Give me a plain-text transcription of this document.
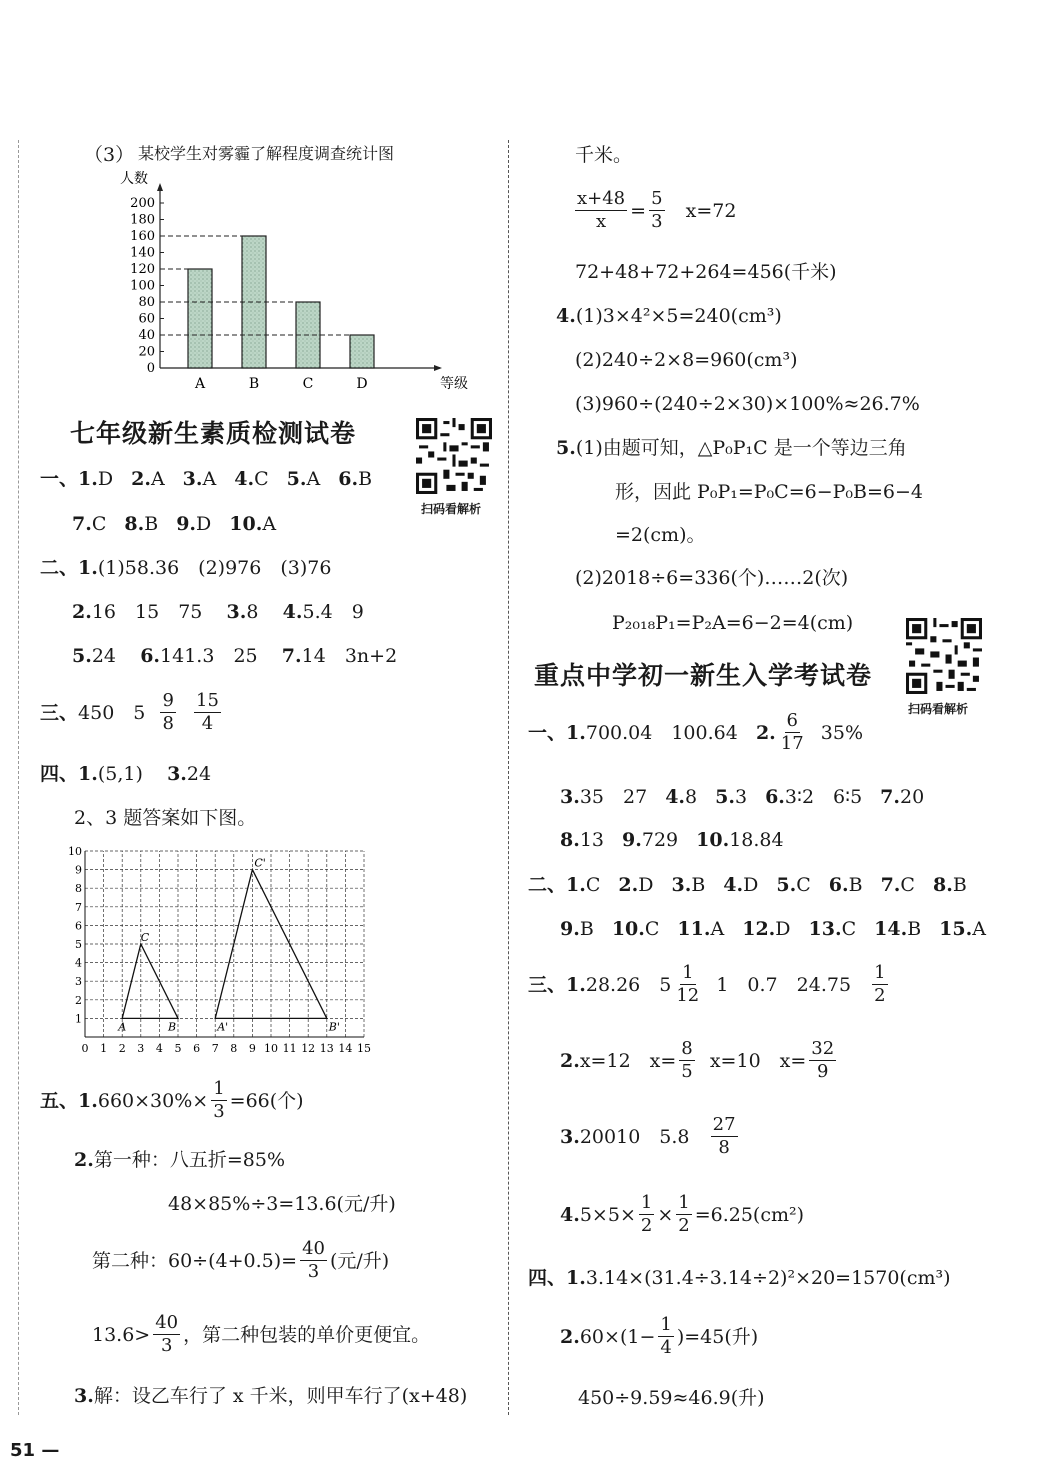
（3） 某校学生对雾霾了解程度调查统计图
人数
等级
0
20
40
60
80
100
120
140
160
180
200
A	B	C	D
七年级新生素质检测试卷
扫码看解析
一、1.D 2.A 3.A 4.C 5.A 6.B
7.C 8.B 9.D 10.A
二、1.(1)58.36　(2)976　(3)76
2.16　15　75 3.8 4.5.4　9
5.24 6.141.3　25 7.14　3n+2
三、 450　5
$\frac{9}{8}$
$\frac{15}{4}$
四、1.(5,1) 3.24
2、3 题答案如下图。
0 1 2 3 4 5 6 7 8 9 10 11 12 13 14 15
1
2
3
4
5
6
7
8
9
10
A	B
C
A'	B'
C'
五、 1. $660\times 30\%\times \frac{1}{3} =66$(个)
2.第一种：八五折=85%
48×85%÷3=13.6(元/升)
第二种：$60\div(4+0.5)= \frac{40}{3}$ (元/升)
$13.6> \frac{40}{3}$ ，第二种包装的单价更便宜。
3.解：设乙车行了 x 千米，则甲车行了(x+48)
千米。
$\frac{x+48}{x} = \frac{5}{3}$
x=72
72+48+72+264=456(千米)
4.(1)3×4²×5=240(cm³)
(2)240÷2×8=960(cm³)
(3)960÷(240÷2×30)×100%≈26.7%
5.(1)由题可知，△P₀P₁C 是一个等边三角
形，因此 P₀P₁=P₀C=6−P₀B=6−4
=2(cm)。
(2)2018÷6=336(个)……2(次)
P₂₀₁₈P₁=P₂A=6−2=4(cm)
重点中学初一新生入学考试卷
扫码看解析
一、 1. 700.04　100.64
2. $\frac{6}{17}$
35%
3.35　27 4.8 5.3 6.3∶2　6∶5 7.20
8.13 9.729 10.18.84
二、1.C 2.D 3.B 4.D 5.C 6.B 7.C 8.B
9.B 10.C 11.A 12.D 13.C 14.B 15.A
三、 1. 28.26　$5 \frac{1}{12}$
1　0.7　24.75
$\frac{1}{2}$
2. x=12　$x= \frac{8}{5}$
x=10　$x= \frac{32}{9}$
3. 20010　5.8
$\frac{27}{8}$
4. $5\times 5\times \frac{1}{2} \times \frac{1}{2} =6.25(cm^2)$
四、1.3.14×(31.4÷3.14÷2)²×20=1570(cm³)
2. $60\times(1- \frac{1}{4} )=45$(升)
450÷9.59≈46.9(升)
51 —
